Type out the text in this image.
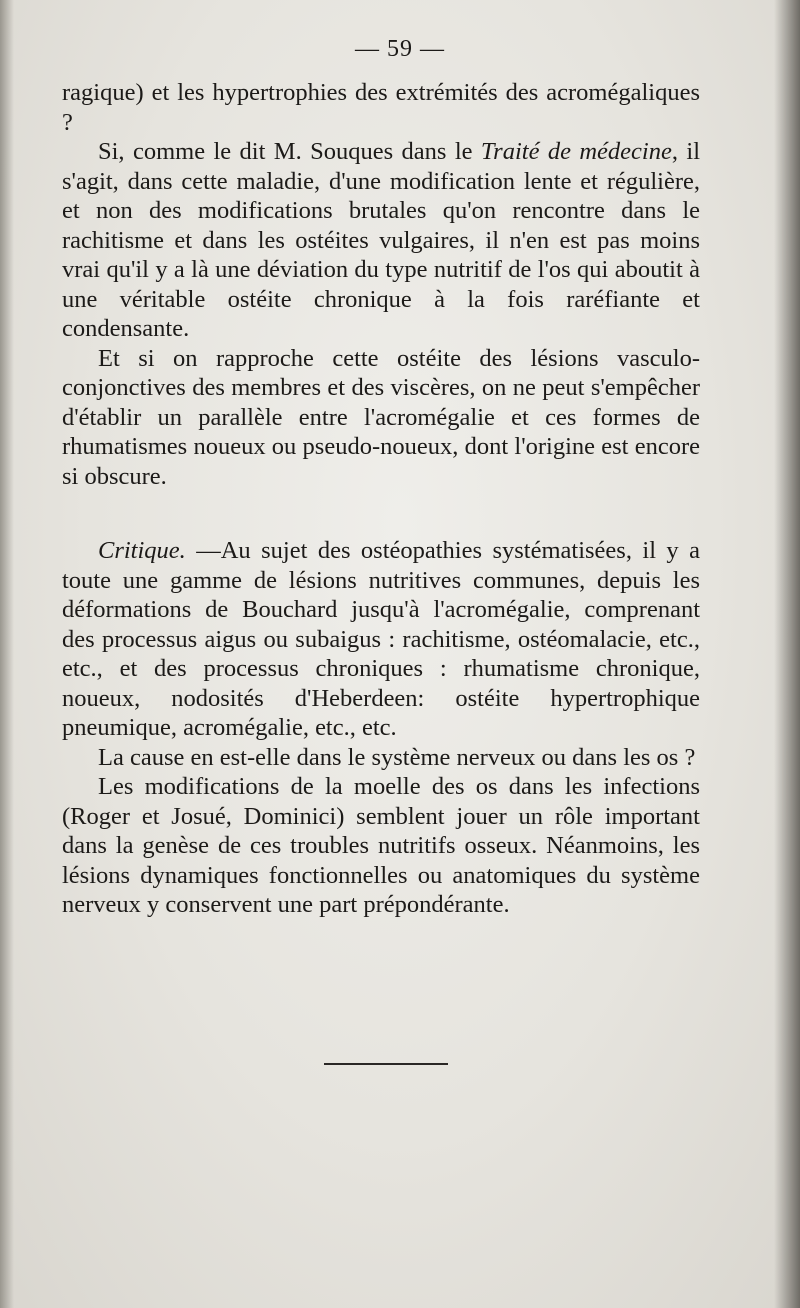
— 59 —

ragique) et les hypertrophies des extrémités des acromégaliques ?

Si, comme le dit M. Souques dans le Traité de médecine, il s'agit, dans cette maladie, d'une modification lente et régulière, et non des modifications brutales qu'on rencontre dans le rachitisme et dans les ostéites vulgaires, il n'en est pas moins vrai qu'il y a là une déviation du type nutritif de l'os qui aboutit à une véritable ostéite chronique à la fois raréfiante et condensante.

Et si on rapproche cette ostéite des lésions vasculo-conjonctives des membres et des viscères, on ne peut s'empêcher d'établir un parallèle entre l'acromégalie et ces formes de rhumatismes noueux ou pseudo-noueux, dont l'origine est encore si obscure.

Critique. —Au sujet des ostéopathies systématisées, il y a toute une gamme de lésions nutritives communes, depuis les déformations de Bouchard jusqu'à l'acromégalie, comprenant des processus aigus ou subaigus : rachitisme, ostéomalacie, etc., etc., et des processus chroniques : rhumatisme chronique, noueux, nodosités d'Heberdeen: ostéite hypertrophique pneumique, acromégalie, etc., etc.

La cause en est-elle dans le système nerveux ou dans les os ?

Les modifications de la moelle des os dans les infections (Roger et Josué, Dominici) semblent jouer un rôle important dans la genèse de ces troubles nutritifs osseux. Néanmoins, les lésions dynamiques fonctionnelles ou anatomiques du système nerveux y conservent une part prépondérante.
